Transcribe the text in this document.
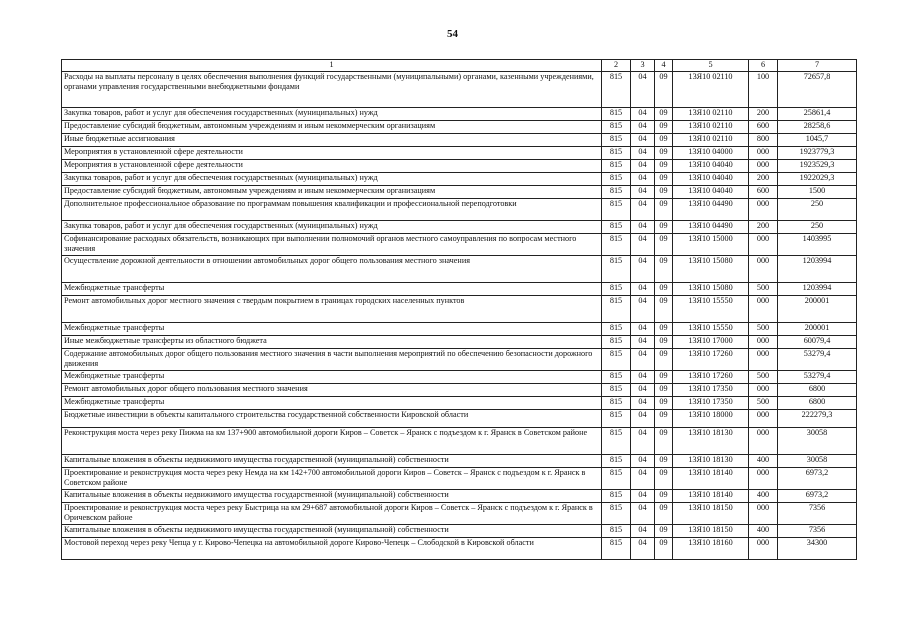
54
1	2	3	4	5	6	7
Расходы на выплаты персоналу в целях обеспечения выполнения функций государственными (муниципальными) органами, казенными учреждениями, органами управления государственными внебюджетными фондами	815	04	09	13Я10 02110	100	72657,8
Закупка товаров, работ и услуг для обеспечения государственных (муниципальных) нужд	815	04	09	13Я10 02110	200	25861,4
Предоставление субсидий бюджетным, автономным учреждениям и иным некоммерческим организациям	815	04	09	13Я10 02110	600	28258,6
Иные бюджетные ассигнования	815	04	09	13Я10 02110	800	1045,7
Мероприятия в установленной сфере деятельности	815	04	09	13Я10 04000	000	1923779,3
Мероприятия в установленной сфере деятельности	815	04	09	13Я10 04040	000	1923529,3
Закупка товаров, работ и услуг для обеспечения государственных (муниципальных) нужд	815	04	09	13Я10 04040	200	1922029,3
Предоставление субсидий бюджетным, автономным учреждениям и иным некоммерческим организациям	815	04	09	13Я10 04040	600	1500
Дополнительное профессиональное образование по программам повышения квалификации и профессиональной переподготовки	815	04	09	13Я10 04490	000	250
Закупка товаров, работ и услуг для обеспечения государственных (муниципальных) нужд	815	04	09	13Я10 04490	200	250
Софинансирование расходных обязательств, возникающих при выполнении полномочий органов местного самоуправления по вопросам местного значения	815	04	09	13Я10 15000	000	1403995
Осуществление дорожной деятельности в отношении автомобильных дорог общего пользования местного значения	815	04	09	13Я10 15080	000	1203994
Межбюджетные трансферты	815	04	09	13Я10 15080	500	1203994
Ремонт автомобильных дорог местного значения с твердым покрытием в границах городских населенных пунктов	815	04	09	13Я10 15550	000	200001
Межбюджетные трансферты	815	04	09	13Я10 15550	500	200001
Иные межбюджетные трансферты из областного бюджета	815	04	09	13Я10 17000	000	60079,4
Содержание автомобильных дорог общего пользования местного значения в части выполнения мероприятий по обеспечению безопасности дорожного движения	815	04	09	13Я10 17260	000	53279,4
Межбюджетные трансферты	815	04	09	13Я10 17260	500	53279,4
Ремонт автомобильных дорог общего пользования местного значения	815	04	09	13Я10 17350	000	6800
Межбюджетные трансферты	815	04	09	13Я10 17350	500	6800
Бюджетные инвестиции в объекты капитального строительства государственной собственности Кировской области	815	04	09	13Я10 18000	000	222279,3
Реконструкция моста через реку Пижма на км 137+900 автомобильной дороги Киров – Советск – Яранск с подъездом к г. Яранск в Советском районе	815	04	09	13Я10 18130	000	30058
Капитальные вложения в объекты недвижимого имущества государственной (муниципальной) собственности	815	04	09	13Я10 18130	400	30058
Проектирование и реконструкция моста через реку Немда на км 142+700 автомобильной дороги Киров – Советск – Яранск с подъездом к г. Яранск в Советском районе	815	04	09	13Я10 18140	000	6973,2
Капитальные вложения в объекты недвижимого имущества государственной (муниципальной) собственности	815	04	09	13Я10 18140	400	6973,2
Проектирование и реконструкция моста через реку Быстрица на км 29+687 автомобильной дороги Киров – Советск – Яранск с подъездом к г. Яранск в Оричевском районе	815	04	09	13Я10 18150	000	7356
Капитальные вложения в объекты недвижимого имущества государственной (муниципальной) собственности	815	04	09	13Я10 18150	400	7356
Мостовой переход через реку Чепца у г. Кирово-Чепецка на автомобильной дороге Кирово-Чепецк – Слободской в Кировской области	815	04	09	13Я10 18160	000	34300
